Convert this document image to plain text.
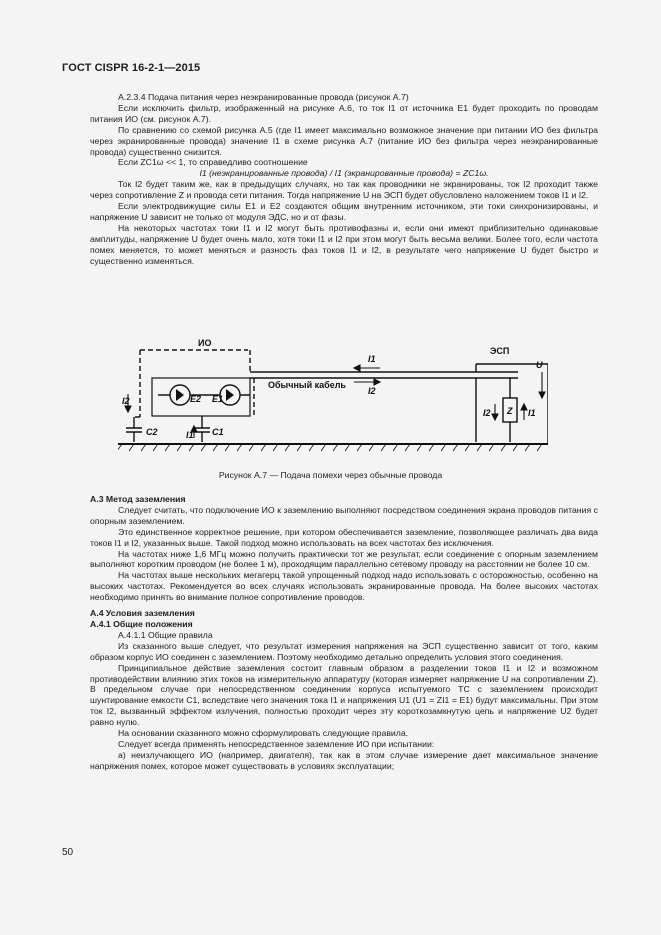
ГОСТ CISPR 16-2-1—2015

А.2.3.4 Подача питания через неэкранированные провода (рисунок А.7)

Если исключить фильтр, изображенный на рисунке А.6, то ток I1 от источника E1 будет проходить по проводам питания ИО (см. рисунок А.7).

По сравнению со схемой рисунка А.5 (где I1 имеет максимально возможное значение при питании ИО без фильтра через экранированные провода) значение I1 в схеме рисунка А.7 (питание ИО без фильтра через неэкранированные провода) существенно снизится.

Если ZC1ω << 1, то справедливо соотношение

I1 (неэкранированные провода) / I1 (экранированные провода) = ZC1ω.

Ток I2 будет таким же, как в предыдущих случаях, но так как проводники не экранированы, ток I2 проходит также через сопротивление Z и провода сети питания. Тогда напряжение U на ЭСП будет обусловлено наложением токов I1 и I2.

Если электродвижущие силы E1 и E2 создаются общим внутренним источником, эти токи синхронизированы, и напряжение U зависит не только от модуля ЭДС, но и от фазы.

На некоторых частотах токи I1 и I2 могут быть противофазны и, если они имеют приблизительно одинаковые амплитуды, напряжение U будет очень мало, хотя токи I1 и I2 при этом могут быть весьма велики. Более того, если частота помех меняется, то может меняться и разность фаз токов I1 и I2, в результате чего напряжение U будет быстро и существенно изменяться.

ИО
ЭСП
Обычный кабель
U
Z
I1
I2
I2
I2	I1
I1
E2 E1
C1
C2
Рисунок А.7 — Подача помехи через обычные провода

А.3 Метод заземления

Следует считать, что подключение ИО к заземлению выполняют посредством соединения экрана проводов питания с опорным заземлением.

Это единственное корректное решение, при котором обеспечивается заземление, позволяющее различать два вида токов I1 и I2, указанных выше. Такой подход можно использовать на всех частотах без исключения.

На частотах ниже 1,6 МГц можно получить практически тот же результат, если соединение с опорным заземлением выполняют коротким проводом (не более 1 м), проходящим параллельно сетевому проводу на расстоянии не более 10 см.

На частотах выше нескольких мегагерц такой упрощенный подход надо использовать с осторожностью, особенно на высоких частотах. Рекомендуется во всех случаях использовать экранированные провода. На более высоких частотах необходимо принять во внимание полное сопротивление проводов.

А.4 Условия заземления

А.4.1 Общие положения

А.4.1.1 Общие правила

Из сказанного выше следует, что результат измерения напряжения на ЭСП существенно зависит от того, каким образом корпус ИО соединен с заземлением. Поэтому необходимо детально определить условия этого соединения.

Принципиальное действие заземления состоит главным образом в разделении токов I1 и I2 и возможном противодействии влиянию этих токов на измерительную аппаратуру (которая измеряет напряжение U на сопротивлении Z). В предельном случае при непосредственном соединении корпуса испытуемого ТС с заземлением происходит шунтирование емкости C1, вследствие чего значения тока I1 и напряжения U1 (U1 = ZI1 = E1) будут максимальны. При этом ток I2, вызванный эффектом излучения, полностью проходит через эту короткозамкнутую цепь и напряжение U2 будет равно нулю.

На основании сказанного можно сформулировать следующие правила.

Следует всегда применять непосредственное заземление ИО при испытании:

а) неизлучающего ИО (например, двигателя), так как в этом случае измерение дает максимальное значение напряжения помех, которое может существовать в условиях эксплуатации;

50
